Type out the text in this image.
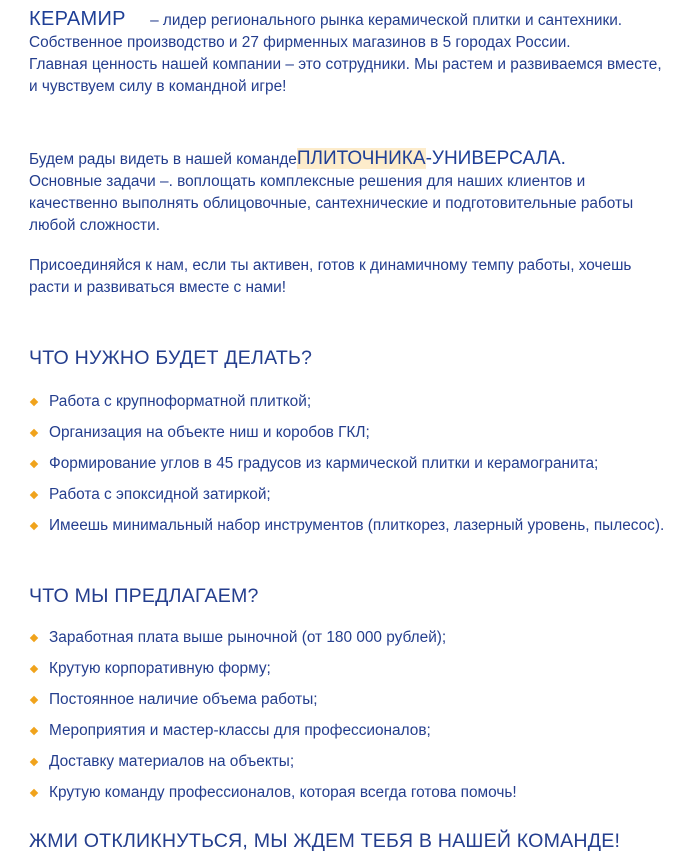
КЕРАМИР – лидер регионального рынка керамической плитки и сантехники.
Собственное производство и 27 фирменных магазинов в 5 городах России.
Главная ценность нашей компании – это сотрудники. Мы растем и развиваемся вместе, и чувствуем силу в командной игре!
Будем рады видеть в нашей командеПЛИТОЧНИКА-УНИВЕРСАЛА.
Основные задачи –. воплощать комплексные решения для наших клиентов и качественно выполнять облицовочные, сантехнические и подготовительные работы любой сложности.
Присоединяйся к нам, если ты активен, готов к динамичному темпу работы, хочешь расти и развиваться вместе с нами!
ЧТО НУЖНО БУДЕТ ДЕЛАТЬ?
Работа с крупноформатной плиткой;
Организация на объекте ниш и коробов ГКЛ;
Формирование углов в 45 градусов из кармической плитки и керамогранита;
Работа с эпоксидной затиркой;
Имеешь минимальный набор инструментов (плиткорез, лазерный уровень, пылесос).
ЧТО МЫ ПРЕДЛАГАЕМ?
Заработная плата выше рыночной (от 180 000 рублей);
Крутую корпоративную форму;
Постоянное наличие объема работы;
Мероприятия и мастер-классы для профессионалов;
Доставку материалов на объекты;
Крутую команду профессионалов, которая всегда готова помочь!
ЖМИ ОТКЛИКНУТЬСЯ, МЫ ЖДЕМ ТЕБЯ В НАШЕЙ КОМАНДЕ!
